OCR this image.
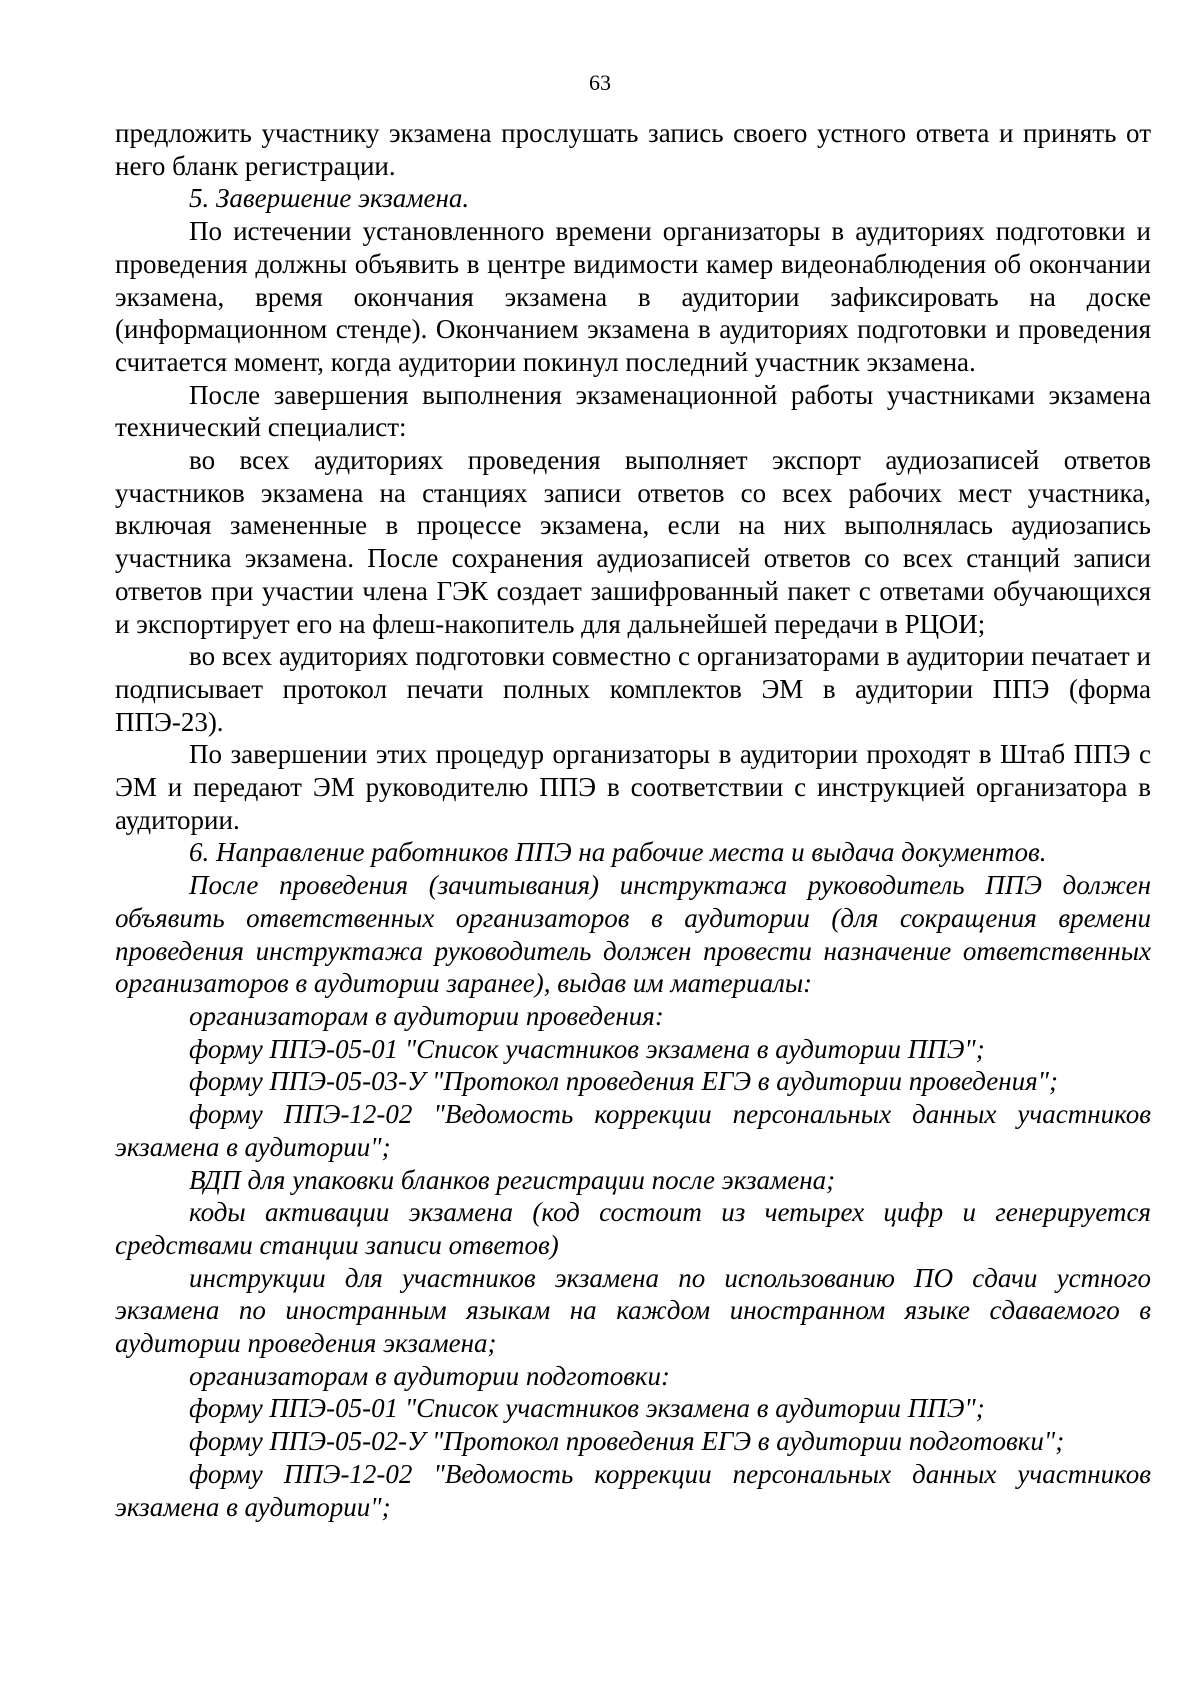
63

предложить участнику экзамена прослушать запись своего устного ответа и принять от него бланк регистрации.

5. Завершение экзамена.

По истечении установленного времени организаторы в аудиториях подготовки и проведения должны объявить в центре видимости камер видеонаблюдения об окончании экзамена, время окончания экзамена в аудитории зафиксировать на доске (информационном стенде). Окончанием экзамена в аудиториях подготовки и проведения считается момент, когда аудитории покинул последний участник экзамена.

После завершения выполнения экзаменационной работы участниками экзамена технический специалист:

во всех аудиториях проведения выполняет экспорт аудиозаписей ответов участников экзамена на станциях записи ответов со всех рабочих мест участника, включая замененные в процессе экзамена, если на них выполнялась аудиозапись участника экзамена. После сохранения аудиозаписей ответов со всех станций записи ответов при участии члена ГЭК создает зашифрованный пакет с ответами обучающихся и экспортирует его на флеш-накопитель для дальнейшей передачи в РЦОИ;

во всех аудиториях подготовки совместно с организаторами в аудитории печатает и подписывает протокол печати полных комплектов ЭМ в аудитории ППЭ (форма ППЭ-23).

По завершении этих процедур организаторы в аудитории проходят в Штаб ППЭ с ЭМ и передают ЭМ руководителю ППЭ в соответствии с инструкцией организатора в аудитории.

6. Направление работников ППЭ на рабочие места и выдача документов.

После проведения (зачитывания) инструктажа руководитель ППЭ должен объявить ответственных организаторов в аудитории (для сокращения времени проведения инструктажа руководитель должен провести назначение ответственных организаторов в аудитории заранее), выдав им материалы:

организаторам в аудитории проведения:

форму ППЭ-05-01 "Список участников экзамена в аудитории ППЭ";

форму ППЭ-05-03-У "Протокол проведения ЕГЭ в аудитории проведения";

форму ППЭ-12-02 "Ведомость коррекции персональных данных участников экзамена в аудитории";

ВДП для упаковки бланков регистрации после экзамена;

коды активации экзамена (код состоит из четырех цифр и генерируется средствами станции записи ответов)

инструкции для участников экзамена по использованию ПО сдачи устного экзамена по иностранным языкам на каждом иностранном языке сдаваемого в аудитории проведения экзамена;

организаторам в аудитории подготовки:

форму ППЭ-05-01 "Список участников экзамена в аудитории ППЭ";

форму ППЭ-05-02-У "Протокол проведения ЕГЭ в аудитории подготовки";

форму ППЭ-12-02 "Ведомость коррекции персональных данных участников экзамена в аудитории";
